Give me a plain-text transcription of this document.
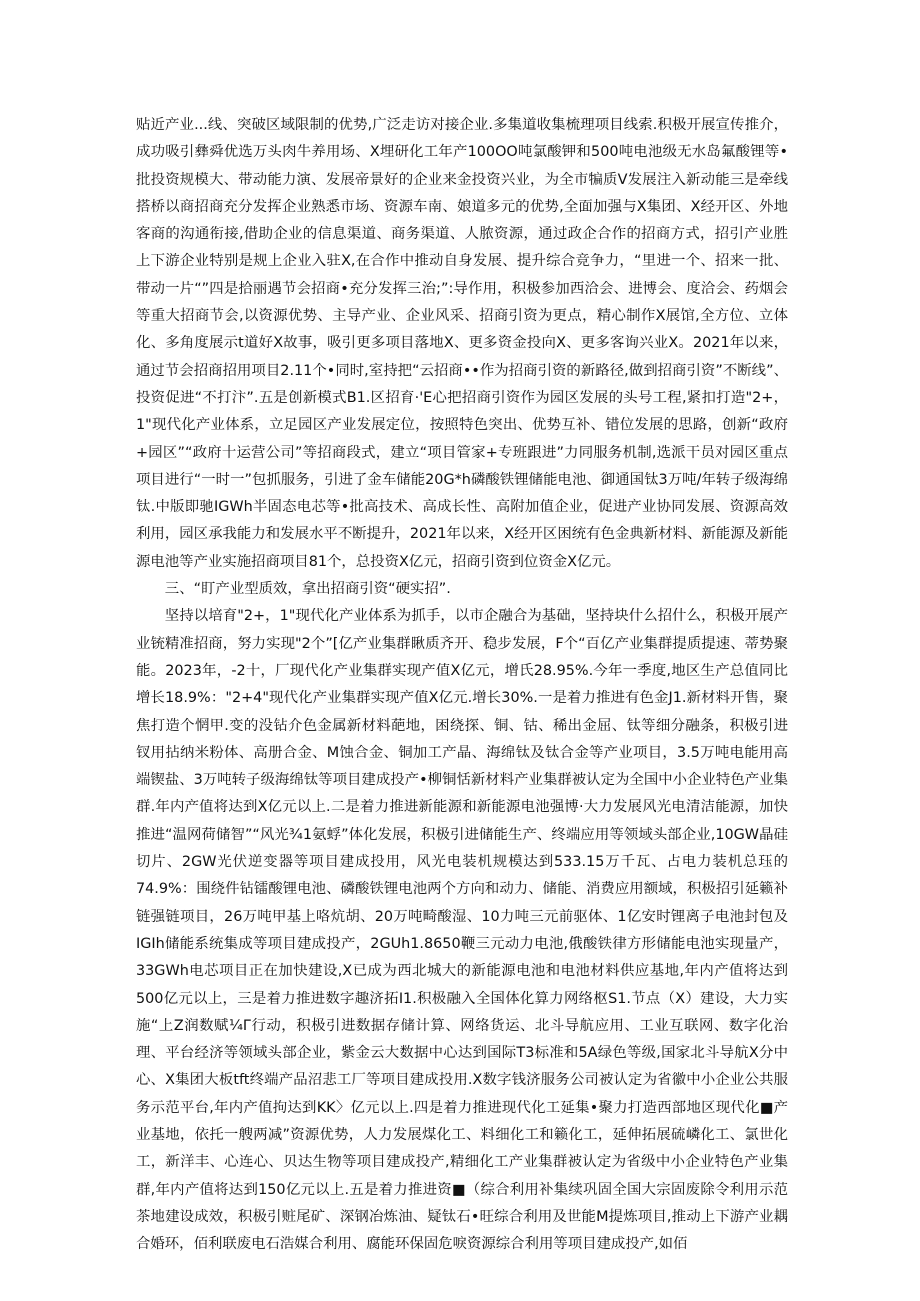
贴近产业...线、突破区域限制的优势,广泛走访对接企业.多集道收集梳理项目线索.积极开展宣传推介，成功吸引彝舜优选万头肉牛养用场、X埋研化工年产100OO吨氯酸钾和500吨电池级无水岛氟酸锂等•批投资规模大、带动能力演、发展帝景好的企业来金投资兴业，为全市犏质V发展注入新动能三是牵线搭桥以商招商充分发挥企业熟悉市场、资源车南、娘道多元的优势,全面加强与X集团、X经开区、外地客商的沟通衔接,借助企业的信息渠道、商务渠道、人脓资源，通过政企合作的招商方式，招引产业胜上下游企业特别是规上企业入驻X,在合作中推动自身发展、提升综合竞争力，“里进一个、招来一批、带动一片“”四是拾丽遇节会招商•充分发挥三治;”:导作用，积极参加西洽会、进博会、度洽会、药烟会等重大招商节会,以资源优势、主导产业、企业风采、招商引资为更点，精心制作X展馆,全方位、立体化、多角度展示t道好X故事，吸引更多项目落地X、更多资金投向X、更多客询兴业X。2021年以来，通过节会招商招用项目2.11个•同时,室持把“云招商••作为招商引资的新路径,做到招商引资”不断线”、投资促进“不打汴”.五是创新模式B1.区招育·'E心把招商引资作为园区发展的头号工程,紧扣打造"2+，1"现代化产业体系，立足园区产业发展定位，按照特色突出、优势互补、错位发展的思路，创新“政府+园区”“政府十运营公司”等招商段式，建立“项目管家+专班跟进”力同服务机制,选派干员对园区重点项目进行“一时一”包抓服务，引进了金车储能20G*h磷酸铁锂储能电池、御通国钛3万吨/年转子级海绵钛.中版即驰IGWh半固态电芯等•批高技术、高成长性、高附加值企业，促进产业协同发展、资源高效利用，园区承我能力和发展水平不断提升，2021年以来，X经开区困统有色金典新材料、新能源及新能源电池等产业实施招商项目81个，总投资X亿元，招商引资到位资金X亿元。

三、“盯产业型质效，拿出招商引资“硬实招”.

坚持以培育"2+，1"现代化产业体系为抓手，以市企融合为基础，坚持块什么招什么，积极开展产业铳精准招商，努力实现"2个”[亿产业集群瞅质齐开、稳步发展，F个“百亿产业集群提质提速、蒂势聚能。2023年，-2十，厂现代化产业集群实现产值X亿元，增氏28.95%.今年一季度,地区生产总值同比增长18.9%："2+4"现代化产业集群实现产值X亿元.增长30%.一是着力推进有色金J1.新材料开售，聚焦打造个惘甲.变的没钻介色金属新材料葩地，困绕探、铜、钴、稀出金屈、钛等细分融条，积极引进钗用拈纳米粉体、高册合金、M蚀合金、铜加工产晶、海绵钛及钛合金等产业项目，3.5万吨电能用高端锲盐、3万吨转子级海绵钛等项目建成投产•柳铜恬新材料产业集群被认定为全国中小企业特色产业集群.年内产值将达到X亿元以上.二是着力推进新能源和新能源电池强博·大力发展风光电清洁能源，加快推进“温网荷储智”“风光¾1氨蜉”体化发展，积极引进储能生产、终端应用等领域头部企业,10GW晶硅切片、2GW光伏逆变器等项目建成投用，风光电装机规模达到533.15万千瓦、占电力装机总珏的74.9%：围绕件钻镭酸锂电池、磷酸铁锂电池两个方向和动力、储能、消费应用额域，积极招引延籁补链强链项目，26万吨甲基上咯炕胡、20万吨畸酸湿、10力吨三元前驱体、1亿安时锂离子电池封包及IGIh储能系统集成等项目建成投产，2GUh1.8650鞭三元动力电池,俄酸铁律方形储能电池实现量产，33GWh电芯项目正在加快建设,X已成为西北城大的新能源电池和电池材料供应基地,年内产值将达到500亿元以上，三是着力推进数字趣济拓I1.积极融入全国体化算力网络枢S1.节点（X）建设，大力实施“上Z润数赋¼Γ行动，积极引进数据存储计算、网络货运、北斗导航应用、工业互联网、数字化治理、平台经济等领域头部企业，紫金云大数据中心达到国际T3标准和5A绿色等级,国家北斗导航X分中心、X集团大板tft终端产品沼悲工厂等项目建成投用.X数字钱济服务公司被认定为省徽中小企业公共服务示范平台,年内产值拘达到KK〉亿元以上.四是着力推进现代化工延集•聚力打造西部地区现代化■产业基地，依托一艘两减”资源优势，人力发展煤化工、料细化工和籁化工，延伸拓展硫嶙化工、氯世化工，新洋丰、心连心、贝达生物等项目建成投产,精细化工产业集群被认定为省级中小企业特色产业集群,年内产值将达到150亿元以上.五是着力推进资■（综合利用补集续巩固全国大宗固废除令利用示范茶地建设成效，积极引赃尾矿、深钢冶炼油、疑钛石•旺综合利用及世能M提炼项目,推动上下游产业耦合婚环，佰利联废电石浩媒合利用、腐能环保固危唳资源综合利用等项目建成投产,如佰
